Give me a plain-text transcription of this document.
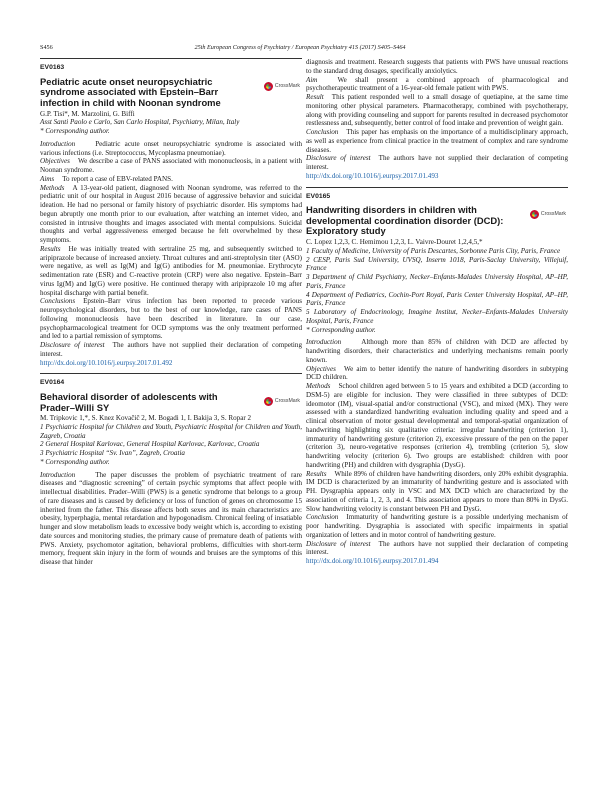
S456	25th European Congress of Psychiatry / European Psychiatry 41S (2017) S405–S464
EV0163
Pediatric acute onset neuropsychiatric syndrome associated with Epstein–Barr infection in child with Noonan syndrome
CrossMark

G.P. Tisi*, M. Marzolini, G. Biffi

Asst Santi Paolo e Carlo, San Carlo Hospital, Psychiatry, Milan, Italy

* Corresponding author.

Introduction	Pediatric acute onset neuropsychiatric syndrome is associated with various infections (i.e. Streptococcus, Mycoplasma pneumoniae).

Objectives We describe a case of PANS associated with mononucleosis, in a patient with Noonan syndrome.

Aims To report a case of EBV-related PANS.

Methods A 13-year-old patient, diagnosed with Noonan syndrome, was referred to the pediatric unit of our hospital in August 2016 because of aggressive behavior and suicidal ideation. He had no personal or family history of psychiatric disorder. His symptoms had begun abruptly one month prior to our evaluation, after watching an internet video, and consisted in intrusive thoughts and images associated with mental compulsions. Suicidal thoughts and verbal aggressiveness emerged because he felt overwhelmed by these symptoms.

Results He was initially treated with sertraline 25 mg, and subsequently switched to aripiprazole because of increased anxiety. Throat cultures and anti-streptolysin titer (ASO) were negative, as well as Ig(M) and Ig(G) antibodies for M. pneumoniae. Erythrocyte sedimentation rate (ESR) and C-reactive protein (CRP) were also negative. Epstein–Barr virus Ig(M) and Ig(G) were positive. He continued therapy with aripiprazole 10 mg after hospital discharge with partial benefit.

Conclusions Epstein–Barr virus infection has been reported to precede various neuropsychological disorders, but to the best of our knowledge, rare cases of PANS following mononucleosis have been described in literature. In our case, psychopharmacological treatment for OCD symptoms was the only treatment performed and led to a partial remission of symptoms.

Disclosure of interest The authors have not supplied their declaration of competing interest.

http://dx.doi.org/10.1016/j.eurpsy.2017.01.492

EV0164
Behavioral disorder of adolescents with Prader–Willi SY
CrossMark

M. Tripkovic 1,*, S. Knez Kovačič 2, M. Bogadi 1, I. Bakija 3, S. Ropar 2

1 Psychiatric Hospital for Children and Youth, Psychiatric Hospital for Children and Youth, Zagreb, Croatia

2 General Hospital Karlovac, General Hospital Karlovac, Karlovac, Croatia

3 Psychiatric Hospital “Sv. Ivan”, Zagreb, Croatia

* Corresponding author.

Introduction	The paper discusses the problem of psychiatric treatment of rare diseases and “diagnostic screening” of certain psychic symptoms that affect people with intellectual disabilities. Prader–Willi (PWS) is a genetic syndrome that belongs to a group of rare diseases and is caused by deficiency or loss of function of genes on chromosome 15 inherited from the father. This disease affects both sexes and its main characteristics are: obesity, hyperphagia, mental retardation and hypogonadism. Chronical feeling of insatiable hunger and slow metabolism leads to excessive body weight which is, according to existing date sources and monitoring studies, the primary cause of premature death of patients with PWS. Anxiety, psychomotor agitation, behavioral problems, difficulties with short-term memory, frequent skin injury in the form of wounds and bruises are the symptoms of this disease that hinder

diagnosis and treatment. Research suggests that patients with PWS have unusual reactions to the standard drug dosages, specifically anxiolytics.

Aim	We shall present a combined approach of pharmacological and psychotherapeutic treatment of a 16-year-old female patient with PWS.

Result This patient responded well to a small dosage of quetiapine, at the same time monitoring other physical parameters. Pharmacotherapy, combined with psychotherapy, along with providing counseling and support for parents resulted in decreased psychomotor restlessness and, subsequently, better control of food intake and prevention of weight gain.

Conclusion This paper has emphasis on the importance of a multidisciplinary approach, as well as experience from clinical practice in the treatment of complex and rare syndrome diseases.

Disclosure of interest The authors have not supplied their declaration of competing interest.

http://dx.doi.org/10.1016/j.eurpsy.2017.01.493

EV0165
Handwriting disorders in children with developmental coordination disorder (DCD): Exploratory study
CrossMark

C. Lopez 1,2,3, C. Hemimou 1,2,3, L. Vaivre-Douret 1,2,4,5,*

1 Faculty of Medicine, University of Paris Descartes, Sorbonne Paris City, Paris, France

2 CESP, Paris Sud University, UVSQ, Inserm 1018, Paris-Saclay University, Villejuif, France

3 Department of Child Psychiatry, Necker–Enfants-Malades University Hospital, AP–HP, Paris, France

4 Department of Pediatrics, Cochin-Port Royal, Paris Center University Hospital, AP–HP, Paris, France

5 Laboratory of Endocrinology, Imagine Institut, Necker–Enfants-Malades University Hospital, Paris, France

* Corresponding author.

Introduction	Although more than 85% of children with DCD are affected by handwriting disorders, their characteristics and underlying mechanisms remain poorly known.

Objectives We aim to better identify the nature of handwriting disorders in subtyping DCD children.

Methods School children aged between 5 to 15 years and exhibited a DCD (according to DSM-5) are eligible for inclusion. They were classified in three subtypes of DCD: ideomotor (IM), visual-spatial and/or constructional (VSC), and mixed (MX). They were assessed with a standardized handwriting evaluation including quality and speed and a clinical observation of motor gestual developmental and temporal-spatial organization of handwriting highlighting six qualitative criteria: irregular handwriting (criterion 1), immaturity of handwriting gesture (criterion 2), excessive pressure of the pen on the paper (criterion 3), neuro-vegetative responses (criterion 4), trembling (criterion 5), slow handwriting velocity (criterion 6). Two groups are established: children with poor handwriting (PH) and children with dysgraphia (DysG).

Results While 89% of children have handwriting disorders, only 20% exhibit dysgraphia. IM DCD is characterized by an immaturity of handwriting gesture and is associated with PH. Dysgraphia appears only in VSC and MX DCD which are characterized by the association of criteria 1, 2, 3, and 4. This association appears to more than 80% in DysG. Slow handwriting velocity is constant between PH and DysG.

Conclusion Immaturity of handwriting gesture is a possible underlying mechanism of poor handwriting. Dysgraphia is associated with specific impairments in spatial organization of letters and in motor control of handwriting gesture.

Disclosure of interest The authors have not supplied their declaration of competing interest.

http://dx.doi.org/10.1016/j.eurpsy.2017.01.494
